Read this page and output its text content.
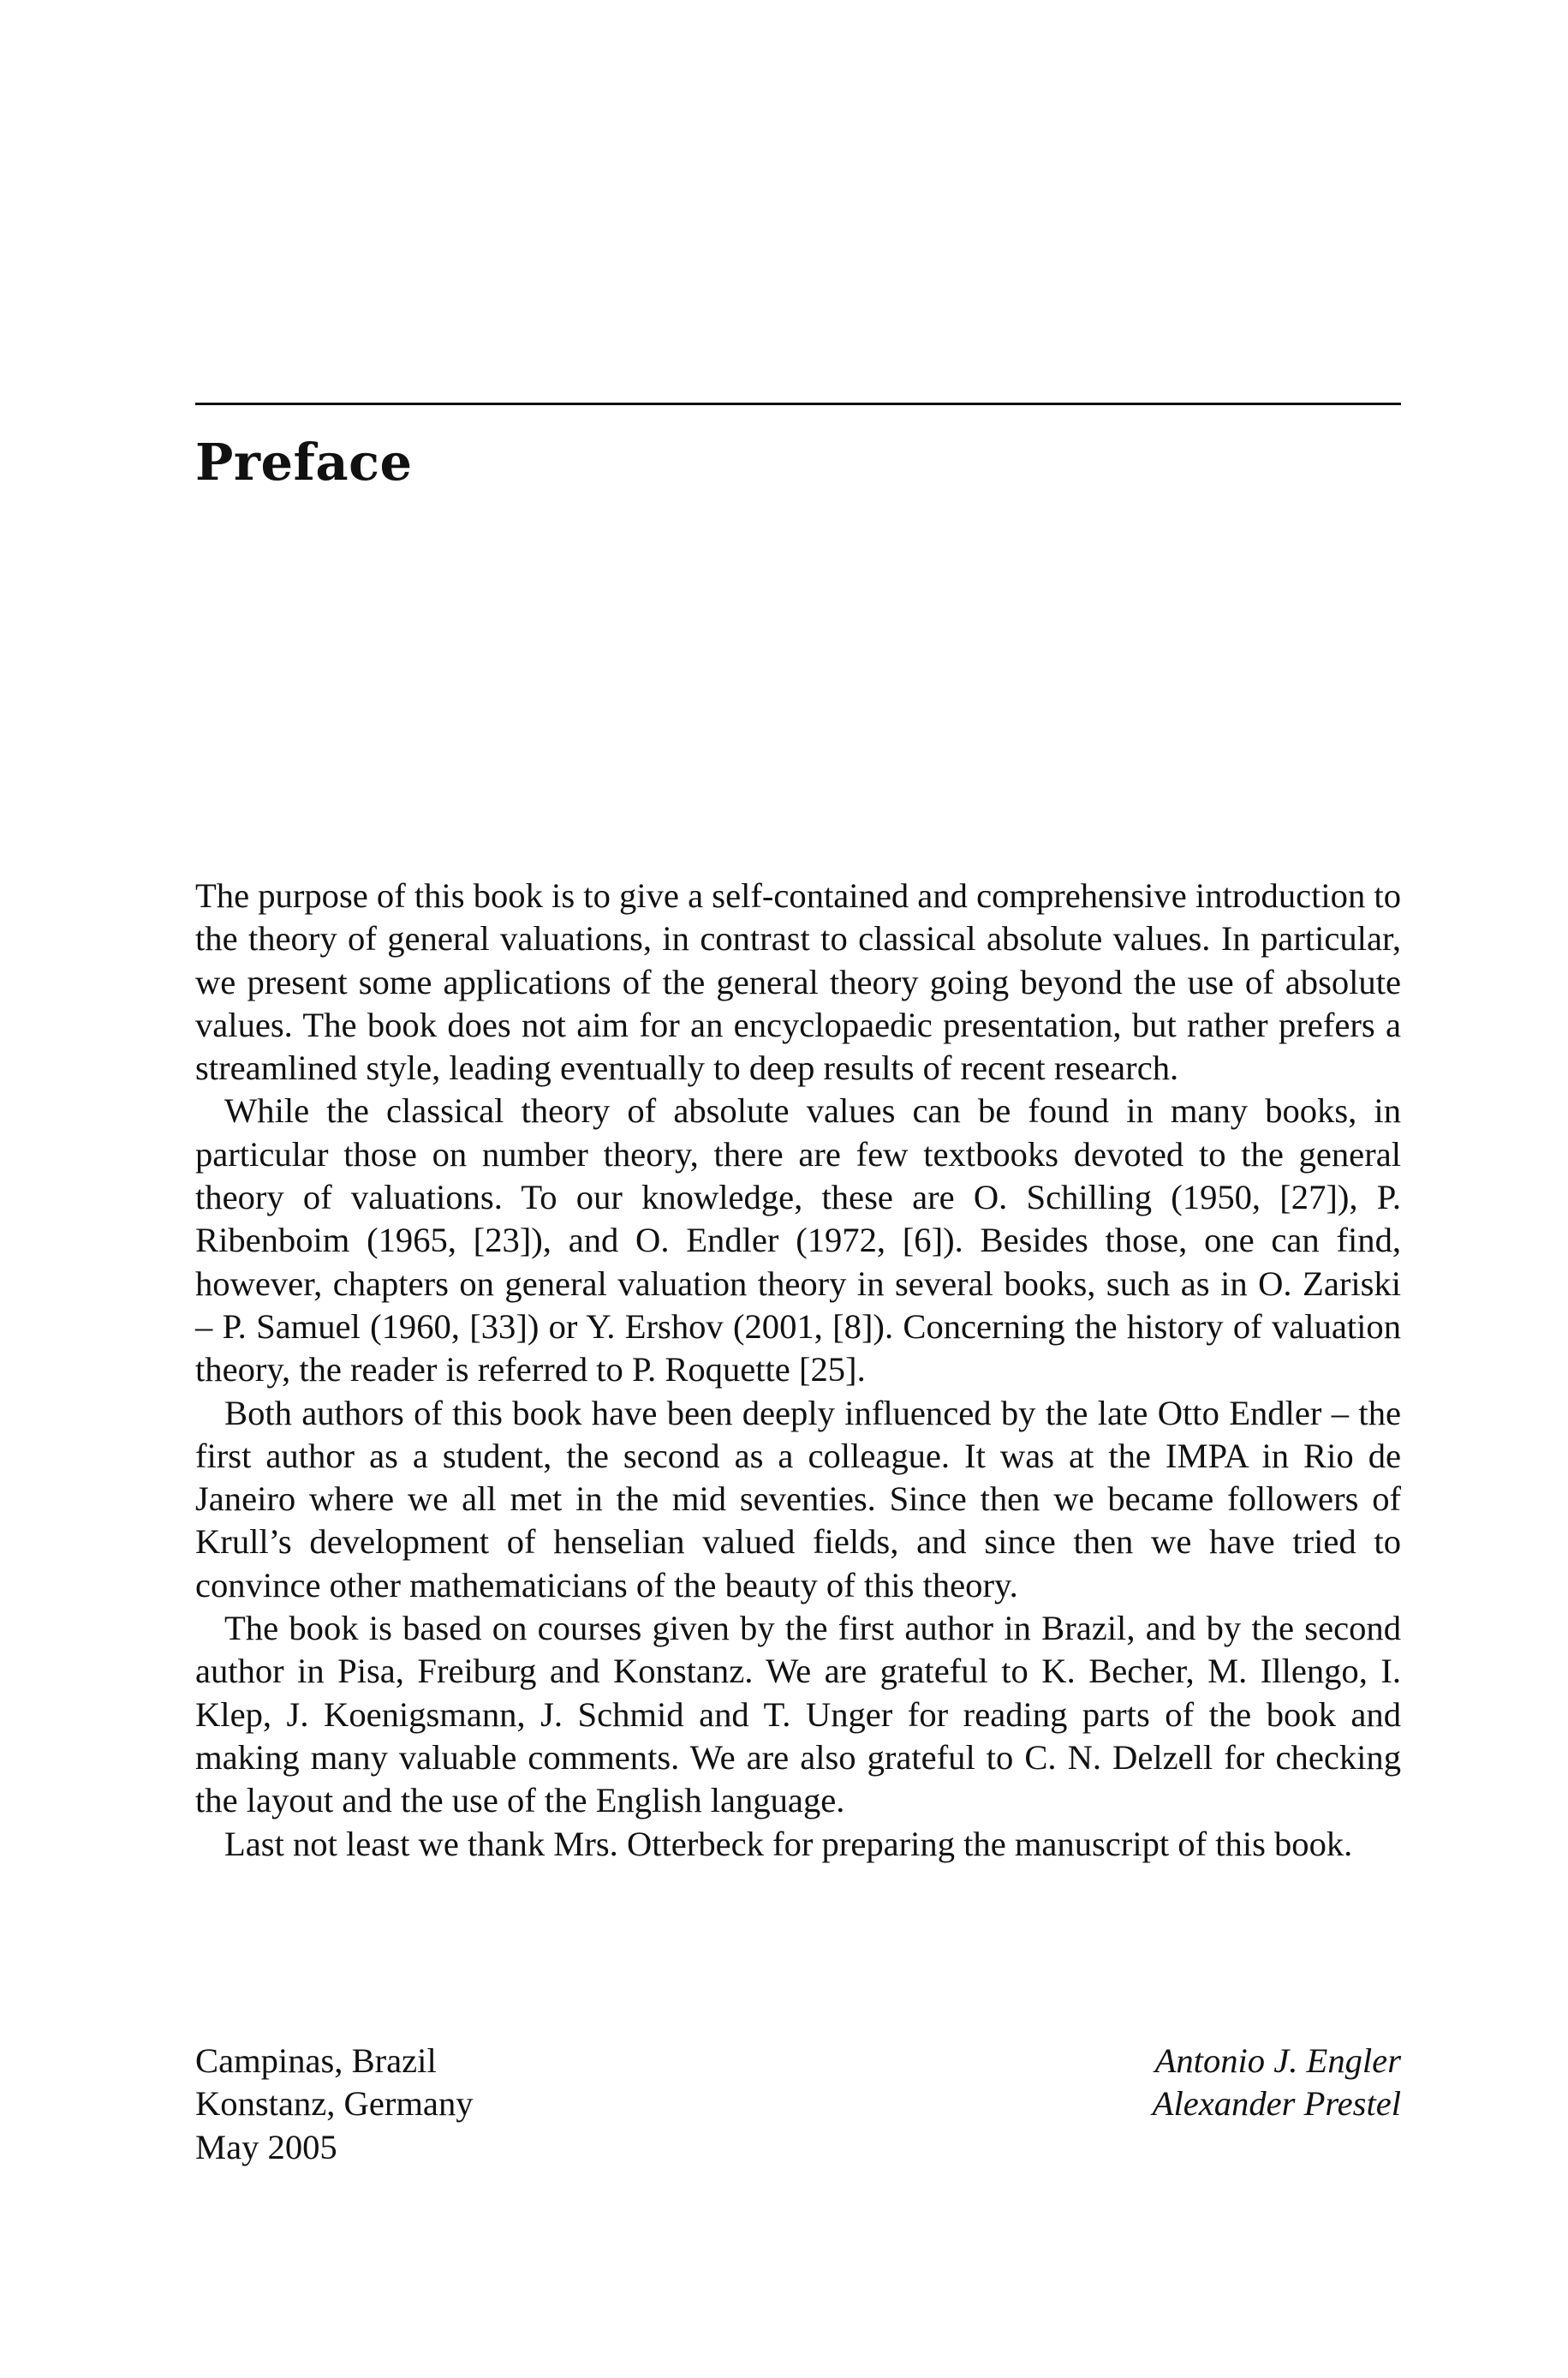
Preface

The purpose of this book is to give a self-contained and comprehensive introduction to the theory of general valuations, in contrast to classical absolute values. In particular, we present some applications of the general theory going beyond the use of absolute values. The book does not aim for an encyclopaedic presentation, but rather prefers a streamlined style, leading eventually to deep results of recent research.

While the classical theory of absolute values can be found in many books, in particular those on number theory, there are few textbooks devoted to the general theory of valuations. To our knowledge, these are O. Schilling (1950, [27]), P. Ribenboim (1965, [23]), and O. Endler (1972, [6]). Besides those, one can find, however, chapters on general valuation theory in several books, such as in O. Zariski – P. Samuel (1960, [33]) or Y. Ershov (2001, [8]). Concerning the history of valuation theory, the reader is referred to P. Roquette [25].

Both authors of this book have been deeply influenced by the late Otto Endler – the first author as a student, the second as a colleague. It was at the IMPA in Rio de Janeiro where we all met in the mid seventies. Since then we became followers of Krull’s development of henselian valued fields, and since then we have tried to convince other mathematicians of the beauty of this theory.

The book is based on courses given by the first author in Brazil, and by the second author in Pisa, Freiburg and Konstanz. We are grateful to K. Becher, M. Illengo, I. Klep, J. Koenigsmann, J. Schmid and T. Unger for reading parts of the book and making many valuable comments. We are also grateful to C. N. Delzell for checking the layout and the use of the English language.

Last not least we thank Mrs. Otterbeck for preparing the manuscript of this book.

Campinas, Brazil
Konstanz, Germany
May 2005
Antonio J. Engler
Alexander Prestel
